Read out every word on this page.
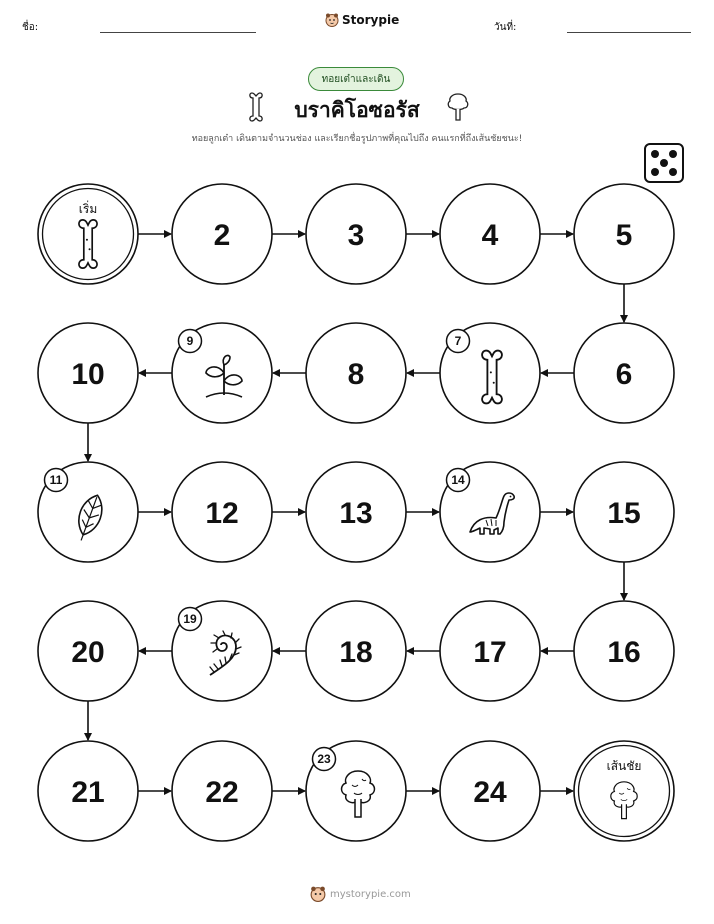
ชื่อ:
Storypie
วันที่:
ทอยเต๋าและเดิน
บราคิโอซอรัส
ทอยลูกเต๋า เดินตามจำนวนช่อง และเรียกชื่อรูปภาพที่คุณไปถึง คนแรกที่ถึงเส้นชัยชนะ!
เริ่ม
2	3	4	5
6
7
8
9
10
11
12	13
14
15
16
17
18
19
20
21	22
23
24
เส้นชัย
mystorypie.com
